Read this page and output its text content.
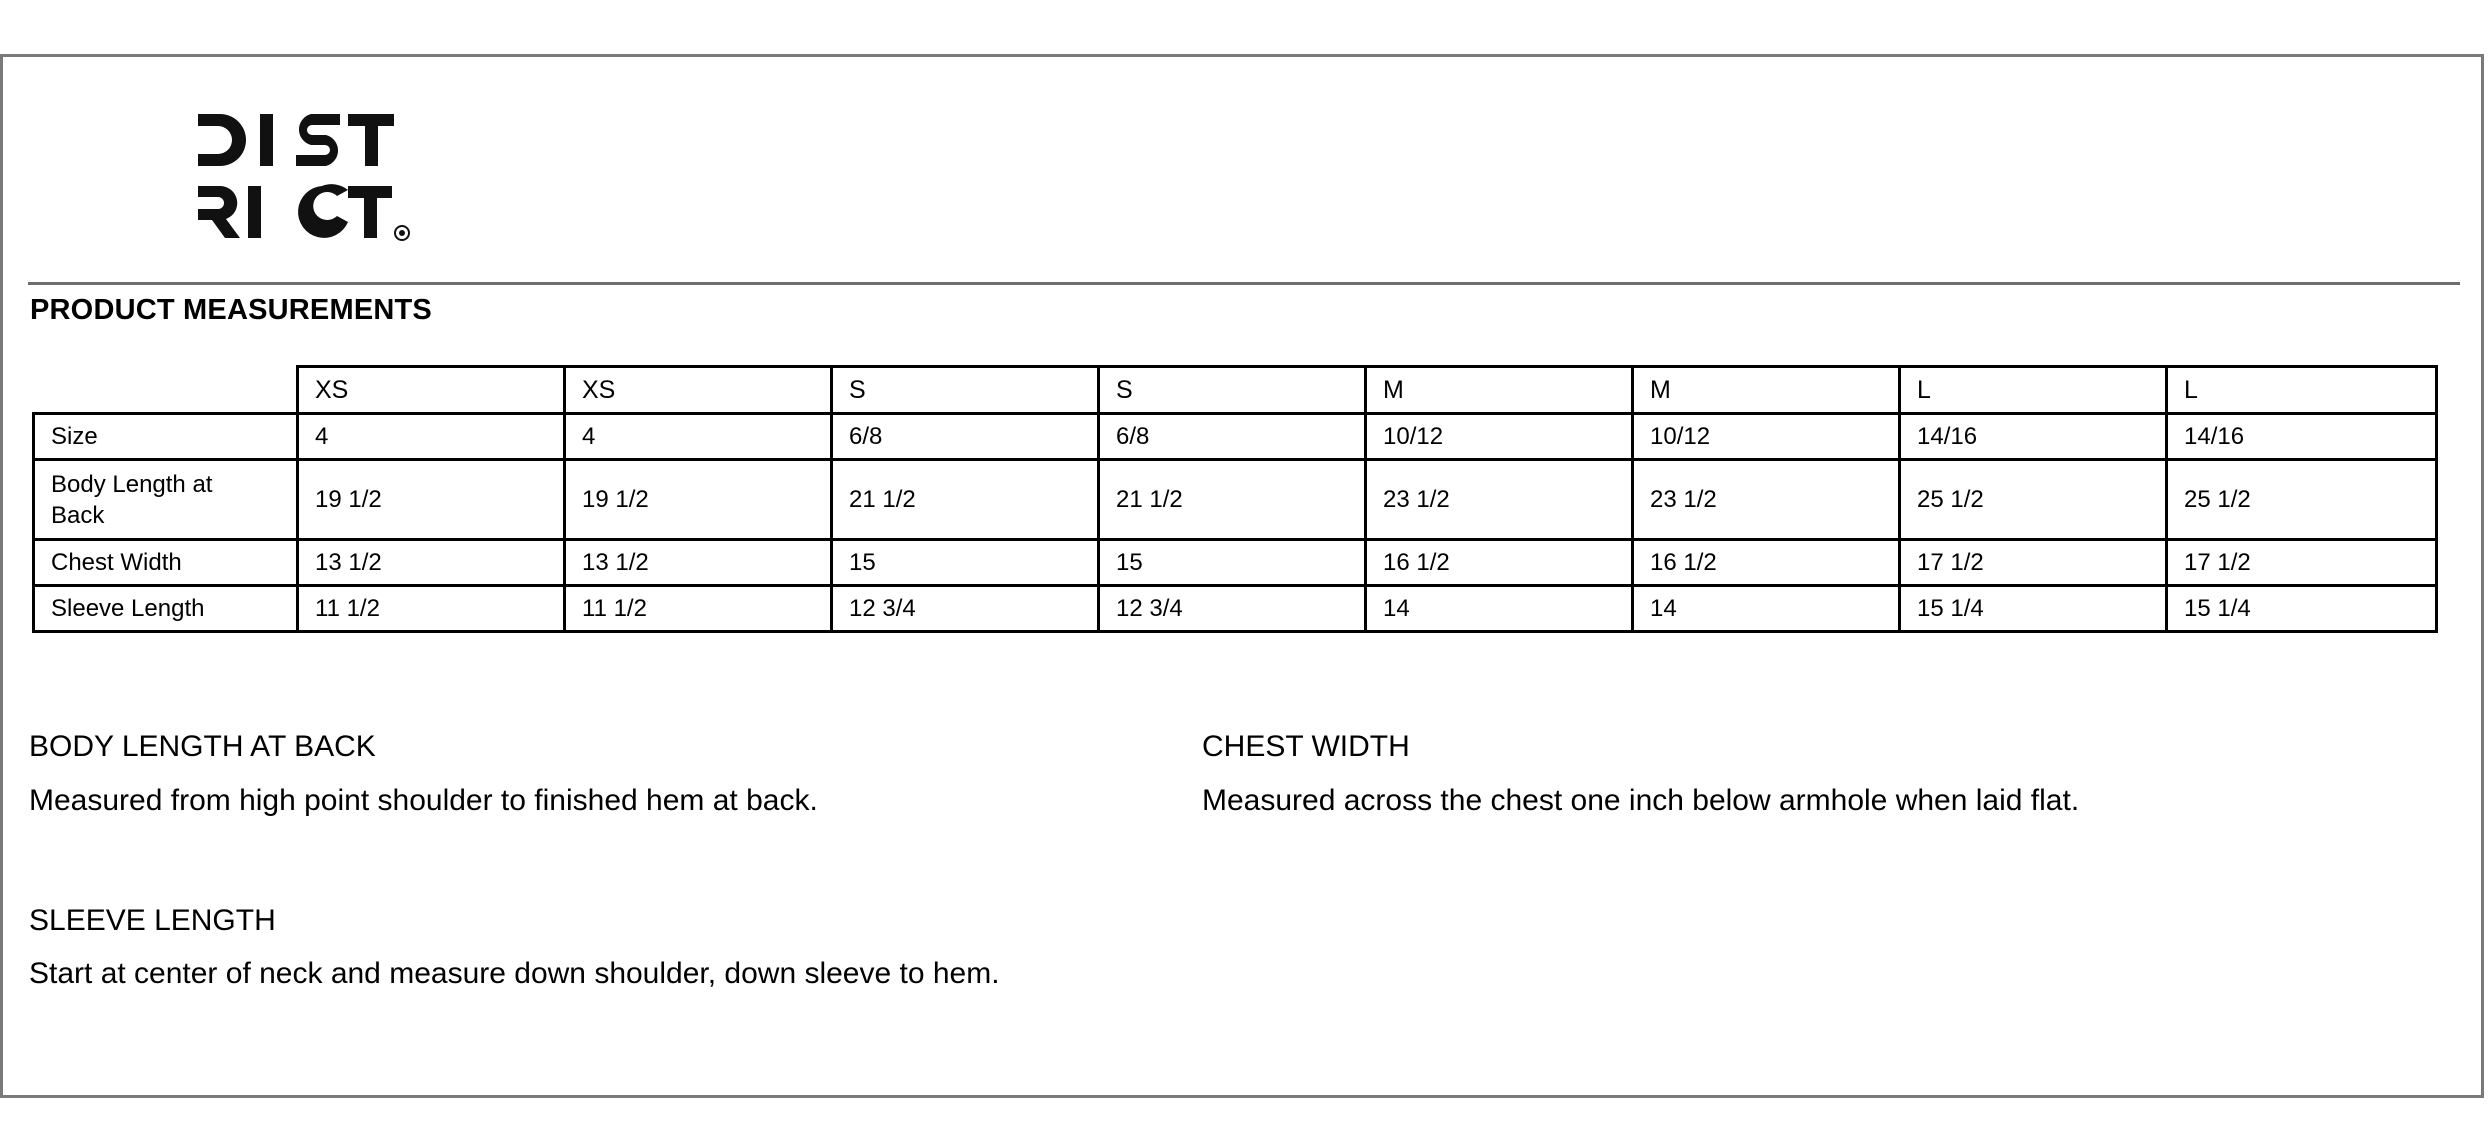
PRODUCT MEASUREMENTS
	XS	XS	S	S	M	M	L	L
Size	4	4	6/8	6/8	10/12	10/12	14/16	14/16
Body Length at
Back	19 1/2	19 1/2	21 1/2	21 1/2	23 1/2	23 1/2	25 1/2	25 1/2
Chest Width	13 1/2	13 1/2	15	15	16 1/2	16 1/2	17 1/2	17 1/2
Sleeve Length	11 1/2	11 1/2	12 3/4	12 3/4	14	14	15 1/4	15 1/4
BODY LENGTH AT BACK
Measured from high point shoulder to finished hem at back.
CHEST WIDTH
Measured across the chest one inch below armhole when laid flat.
SLEEVE LENGTH
Start at center of neck and measure down shoulder, down sleeve to hem.
